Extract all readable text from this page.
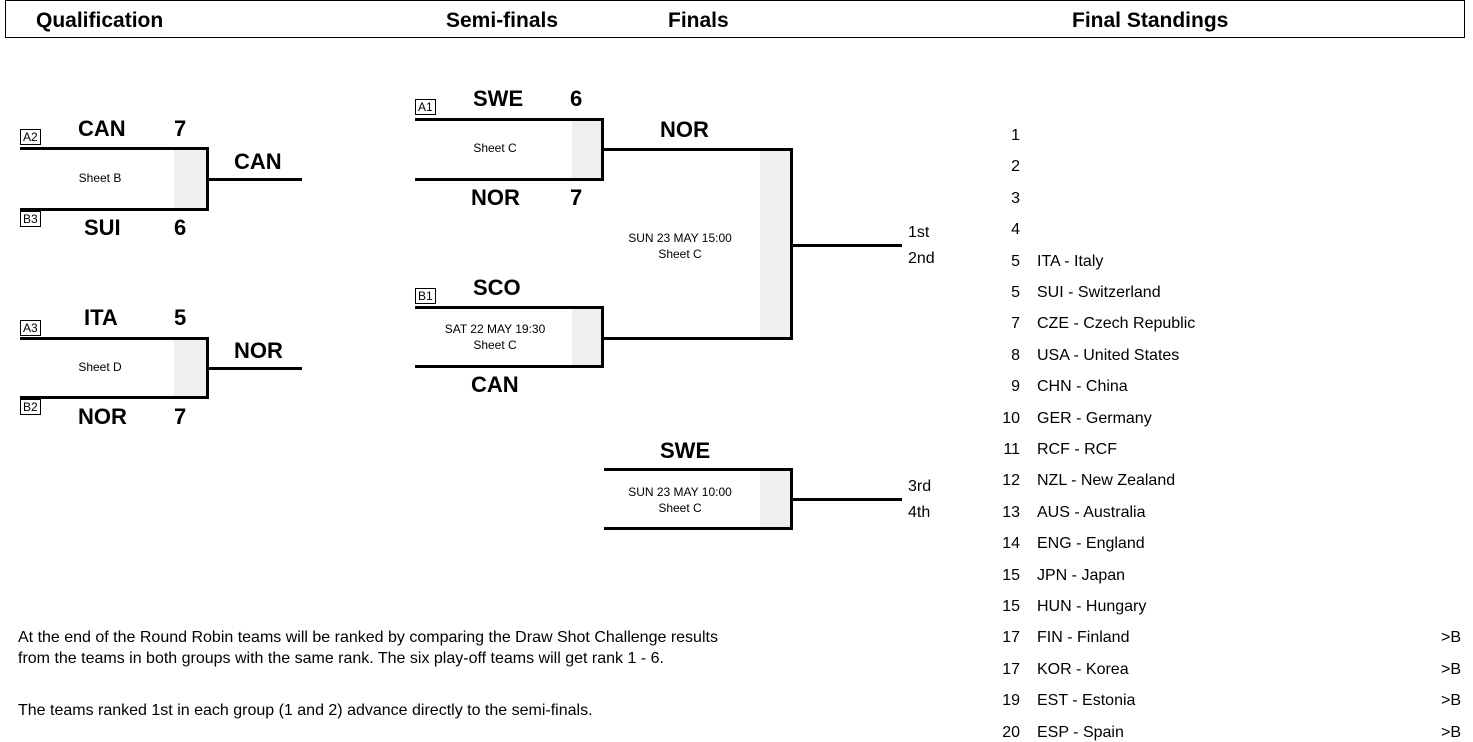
Qualification	Semi-finals	Finals	Final Standings
A2 CAN 7
Sheet B
B3 SUI 6
CAN
A3 ITA	5
Sheet D
B2 NOR 7
NOR
A1 SWE 6
Sheet C
NOR 7
B1 SCO
SAT 22 MAY 19:30
Sheet C
CAN
NOR
SUN 23 MAY 15:00
Sheet C
1st
2nd
SWE
SUN 23 MAY 10:00
Sheet C
3rd
4th
1
2
3
4
5 ITA - Italy
5 SUI - Switzerland
7 CZE - Czech Republic
8 USA - United States
9 CHN - China
10 GER - Germany
11 RCF - RCF
12 NZL - New Zealand
13 AUS - Australia
14 ENG - England
15 JPN - Japan
15 HUN - Hungary
17 FIN - Finland	>B
17 KOR - Korea	>B
19 EST - Estonia	>B
20 ESP - Spain	>B
At the end of the Round Robin teams will be ranked by comparing the Draw Shot Challenge results
from the teams in both groups with the same rank. The six play-off teams will get rank 1 - 6.
The teams ranked 1st in each group (1 and 2) advance directly to the semi-finals.
